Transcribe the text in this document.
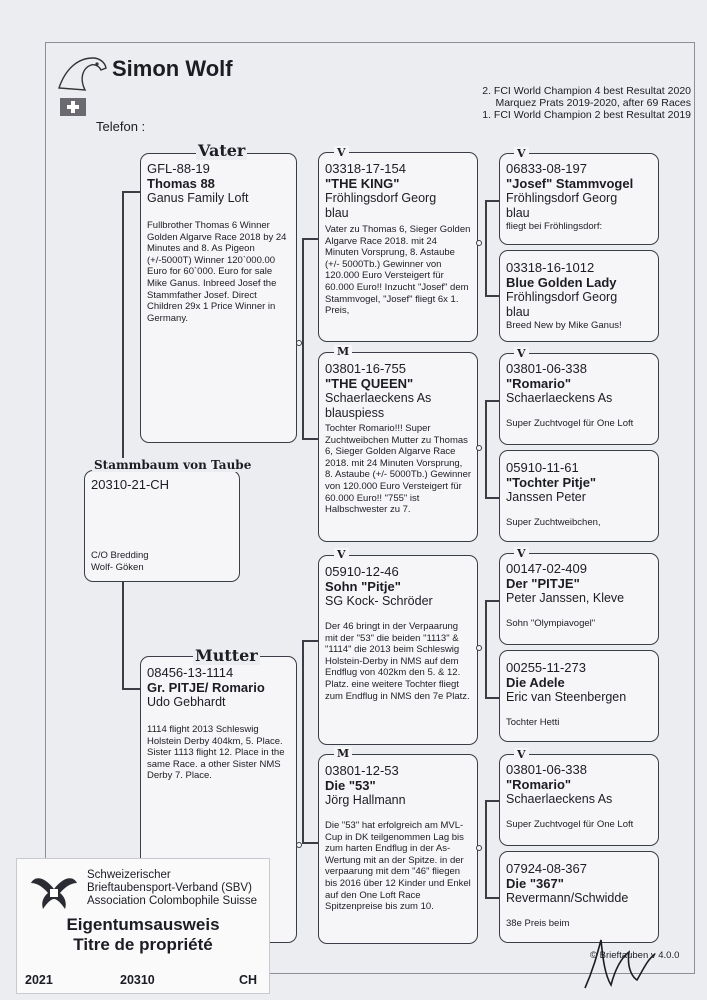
Simon Wolf
Telefon :
2. FCI World Champion 4 best Resultat 2020
Marquez Prats 2019-2020, after 69 Races
1. FCI World Champion 2 best Resultat 2019
20310-21-CH
C/O Bredding
Wolf- Göken
Stammbaum von Taube
GFL-88-19
Thomas 88
Ganus Family Loft
Fullbrother Thomas 6 Winner Golden Algarve Race 2018 by 24 Minutes and 8. As Pigeon (+/-5000T) Winner 120`000.00 Euro for 60`000. Euro for sale Mike Ganus. Inbreed Josef the Stammfather Josef. Direct Children 29x 1 Price Winner in Germany.
Vater
08456-13-1114
Gr. PITJE/ Romario
Udo Gebhardt
1114 flight 2013 Schleswig Holstein Derby 404km, 5. Place. Sister 1113 flight 12. Place in the same Race. a other Sister NMS Derby 7. Place.
Mutter
03318-17-154
"THE KING"
Fröhlingsdorf Georg
blau
Vater zu Thomas 6, Sieger Golden Algarve Race 2018. mit 24 Minuten Vorsprung, 8. Astaube (+/- 5000Tb.) Gewinner von 120.000 Euro Versteigert für 60.000 Euro!! Inzucht "Josef" dem Stammvogel, "Josef" fliegt 6x 1. Preis,
V
03801-16-755
"THE QUEEN"
Schaerlaeckens As
blauspiess
Tochter Romario!!! Super Zuchtweibchen Mutter zu Thomas 6, Sieger Golden Algarve Race 2018. mit 24 Minuten Vorsprung, 8. Astaube (+/- 5000Tb.) Gewinner von 120.000 Euro Versteigert für 60.000 Euro!! "755" ist Halbschwester zu 7.
M
05910-12-46
Sohn "Pitje"
SG Kock- Schröder
Der 46 bringt in der Verpaarung mit der "53" die beiden "1113" & "1114" die 2013 beim Schleswig Holstein-Derby in NMS auf dem Endflug von 402km den 5. & 12. Platz. eine weitere Tochter fliegt zum Endflug in NMS den 7e Platz.
V
03801-12-53
Die "53"
Jörg Hallmann
Die "53" hat erfolgreich am MVL-Cup in DK teilgenommen Lag bis zum harten Endflug in der As-Wertung mit an der Spitze. in der verpaarung mit dem "46" fliegen bis 2016 über 12 Kinder und Enkel auf den One Loft Race Spitzenpreise bis zum 10.
M
06833-08-197
"Josef" Stammvogel
Fröhlingsdorf Georg
blau
fliegt bei Fröhlingsdorf:
V
03318-16-1012
Blue Golden Lady
Fröhlingsdorf Georg
blau
Breed New by Mike Ganus!
03801-06-338
"Romario"
Schaerlaeckens As
Super Zuchtvogel für One Loft
V
05910-11-61
"Tochter Pitje"
Janssen Peter
Super Zuchtweibchen,
00147-02-409
Der "PITJE"
Peter Janssen, Kleve
Sohn "Olympiavogel"
V
00255-11-273
Die Adele
Eric van Steenbergen
Tochter Hetti
03801-06-338
"Romario"
Schaerlaeckens As
Super Zuchtvogel für One Loft
V
07924-08-367
Die "367"
Revermann/Schwidde
38e Preis beim
Schweizerischer
Brieftaubensport-Verband (SBV)
Association Colombophile Suisse
Eigentumsausweis
Titre de propriété
2021	20310	CH
© Brieftauben v 4.0.0
